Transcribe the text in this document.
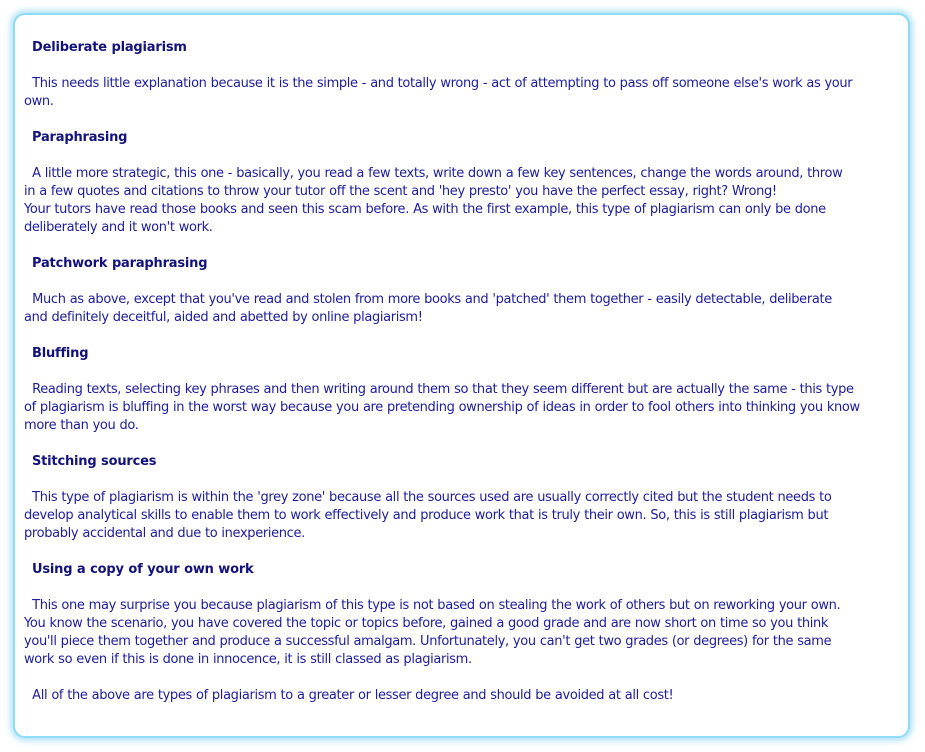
Deliberate plagiarism
This needs little explanation because it is the simple - and totally wrong - act of attempting to pass off someone else's work as your
own.
Paraphrasing
A little more strategic, this one - basically, you read a few texts, write down a few key sentences, change the words around, throw
in a few quotes and citations to throw your tutor off the scent and 'hey presto' you have the perfect essay, right? Wrong!
Your tutors have read those books and seen this scam before. As with the first example, this type of plagiarism can only be done
deliberately and it won't work.
Patchwork paraphrasing
Much as above, except that you've read and stolen from more books and 'patched' them together - easily detectable, deliberate
and definitely deceitful, aided and abetted by online plagiarism!
Bluffing
Reading texts, selecting key phrases and then writing around them so that they seem different but are actually the same - this type
of plagiarism is bluffing in the worst way because you are pretending ownership of ideas in order to fool others into thinking you know
more than you do.
Stitching sources
This type of plagiarism is within the 'grey zone' because all the sources used are usually correctly cited but the student needs to
develop analytical skills to enable them to work effectively and produce work that is truly their own. So, this is still plagiarism but
probably accidental and due to inexperience.
Using a copy of your own work
This one may surprise you because plagiarism of this type is not based on stealing the work of others but on reworking your own.
You know the scenario, you have covered the topic or topics before, gained a good grade and are now short on time so you think
you'll piece them together and produce a successful amalgam. Unfortunately, you can't get two grades (or degrees) for the same
work so even if this is done in innocence, it is still classed as plagiarism.
All of the above are types of plagiarism to a greater or lesser degree and should be avoided at all cost!
